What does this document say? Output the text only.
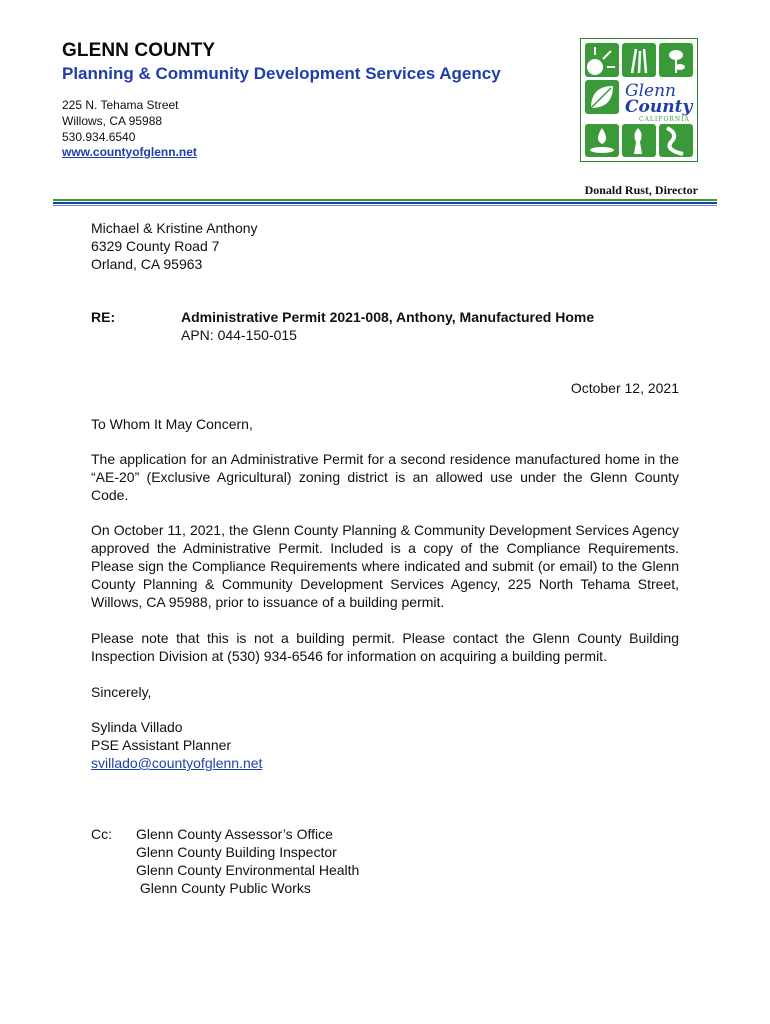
GLENN COUNTY
Planning & Community Development Services Agency
225 N. Tehama Street
Willows, CA 95988
530.934.6540
www.countyofglenn.net
Glenn
County
CALIFORNIA
Donald Rust, Director
Michael & Kristine Anthony
6329 County Road 7
Orland, CA 95963
RE:	Administrative Permit 2021-008, Anthony, Manufactured Home
APN: 044-150-015
October 12, 2021
To Whom It May Concern,
The application for an Administrative Permit for a second residence manufactured home in the “AE-20” (Exclusive Agricultural) zoning district is an allowed use under the Glenn County Code.
On October 11, 2021, the Glenn County Planning & Community Development Services Agency approved the Administrative Permit. Included is a copy of the Compliance Requirements. Please sign the Compliance Requirements where indicated and submit (or email) to the Glenn County Planning & Community Development Services Agency, 225 North Tehama Street, Willows, CA 95988, prior to issuance of a building permit.
Please note that this is not a building permit. Please contact the Glenn County Building Inspection Division at (530) 934-6546 for information on acquiring a building permit.
Sincerely,
Sylinda Villado
PSE Assistant Planner
svillado@countyofglenn.net
Cc: Glenn County Assessor’s Office
Glenn County Building Inspector
Glenn County Environmental Health
Glenn County Public Works
